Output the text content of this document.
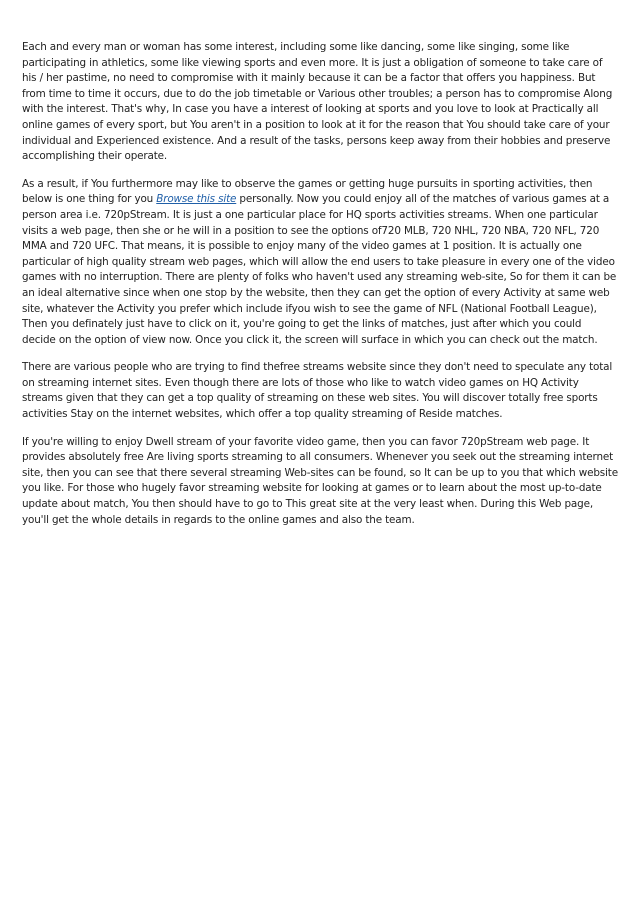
Each and every man or woman has some interest, including some like dancing, some like singing, some like participating in athletics, some like viewing sports and even more. It is just a obligation of someone to take care of his / her pastime, no need to compromise with it mainly because it can be a factor that offers you happiness. But from time to time it occurs, due to do the job timetable or Various other troubles; a person has to compromise Along with the interest. That's why, In case you have a interest of looking at sports and you love to look at Practically all online games of every sport, but You aren't in a position to look at it for the reason that You should take care of your individual and Experienced existence. And a result of the tasks, persons keep away from their hobbies and preserve accomplishing their operate.

As a result, if You furthermore may like to observe the games or getting huge pursuits in sporting activities, then below is one thing for you Browse this site personally. Now you could enjoy all of the matches of various games at a person area i.e. 720pStream. It is just a one particular place for HQ sports activities streams. When one particular visits a web page, then she or he will in a position to see the options of720 MLB, 720 NHL, 720 NBA, 720 NFL, 720 MMA and 720 UFC. That means, it is possible to enjoy many of the video games at 1 position. It is actually one particular of high quality stream web pages, which will allow the end users to take pleasure in every one of the video games with no interruption. There are plenty of folks who haven't used any streaming web-site, So for them it can be an ideal alternative since when one stop by the website, then they can get the option of every Activity at same web site, whatever the Activity you prefer which include ifyou wish to see the game of NFL (National Football League), Then you definately just have to click on it, you're going to get the links of matches, just after which you could decide on the option of view now. Once you click it, the screen will surface in which you can check out the match.

There are various people who are trying to find thefree streams website since they don't need to speculate any total on streaming internet sites. Even though there are lots of those who like to watch video games on HQ Activity streams given that they can get a top quality of streaming on these web sites. You will discover totally free sports activities Stay on the internet websites, which offer a top quality streaming of Reside matches.

If you're willing to enjoy Dwell stream of your favorite video game, then you can favor 720pStream web page. It provides absolutely free Are living sports streaming to all consumers. Whenever you seek out the streaming internet site, then you can see that there several streaming Web-sites can be found, so It can be up to you that which website you like. For those who hugely favor streaming website for looking at games or to learn about the most up-to-date update about match, You then should have to go to This great site at the very least when. During this Web page, you'll get the whole details in regards to the online games and also the team.
